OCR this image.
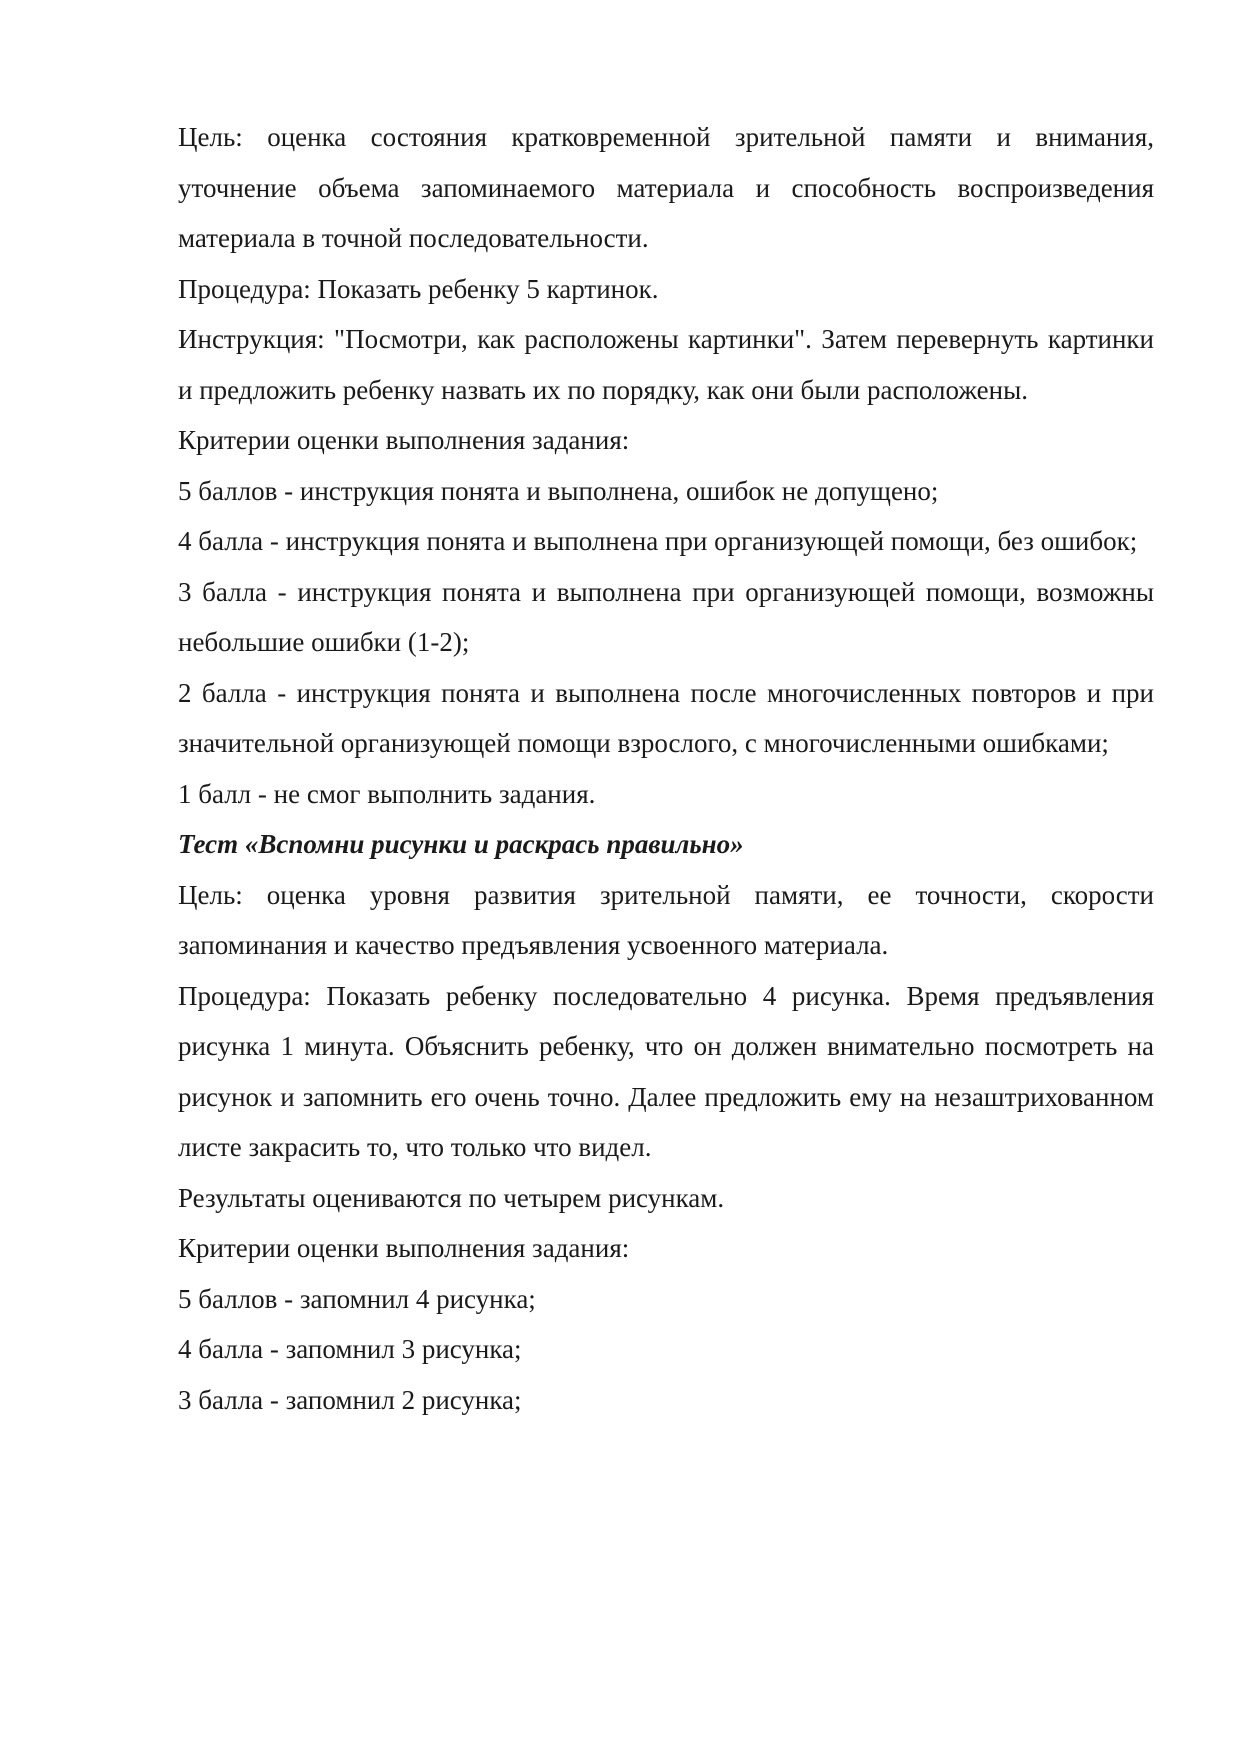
Цель: оценка состояния кратковременной зрительной памяти и внимания, уточнение объема запоминаемого материала и способность воспроизведения материала в точной последовательности.

Процедура: Показать ребенку 5 картинок.

Инструкция: "Посмотри, как расположены картинки". Затем перевернуть картинки и предложить ребенку назвать их по порядку, как они были расположены.

Критерии оценки выполнения задания:

5 баллов - инструкция понята и выполнена, ошибок не допущено;

4 балла - инструкция понята и выполнена при организующей помощи, без ошибок;

3 балла - инструкция понята и выполнена при организующей помощи, возможны небольшие ошибки (1-2);

2 балла - инструкция понята и выполнена после многочисленных повторов и при значительной организующей помощи взрослого, с многочисленными ошибками;

1 балл - не смог выполнить задания.

Тест «Вспомни рисунки и раскрась правильно»

Цель: оценка уровня развития зрительной памяти, ее точности, скорости запоминания и качество предъявления усвоенного материала.

Процедура: Показать ребенку последовательно 4 рисунка. Время предъявления рисунка 1 минута. Объяснить ребенку, что он должен внимательно посмотреть на рисунок и запомнить его очень точно. Далее предложить ему на незаштрихованном листе закрасить то, что только что видел.

Результаты оцениваются по четырем рисункам.

Критерии оценки выполнения задания:

5 баллов - запомнил 4 рисунка;

4 балла - запомнил 3 рисунка;

3 балла - запомнил 2 рисунка;
